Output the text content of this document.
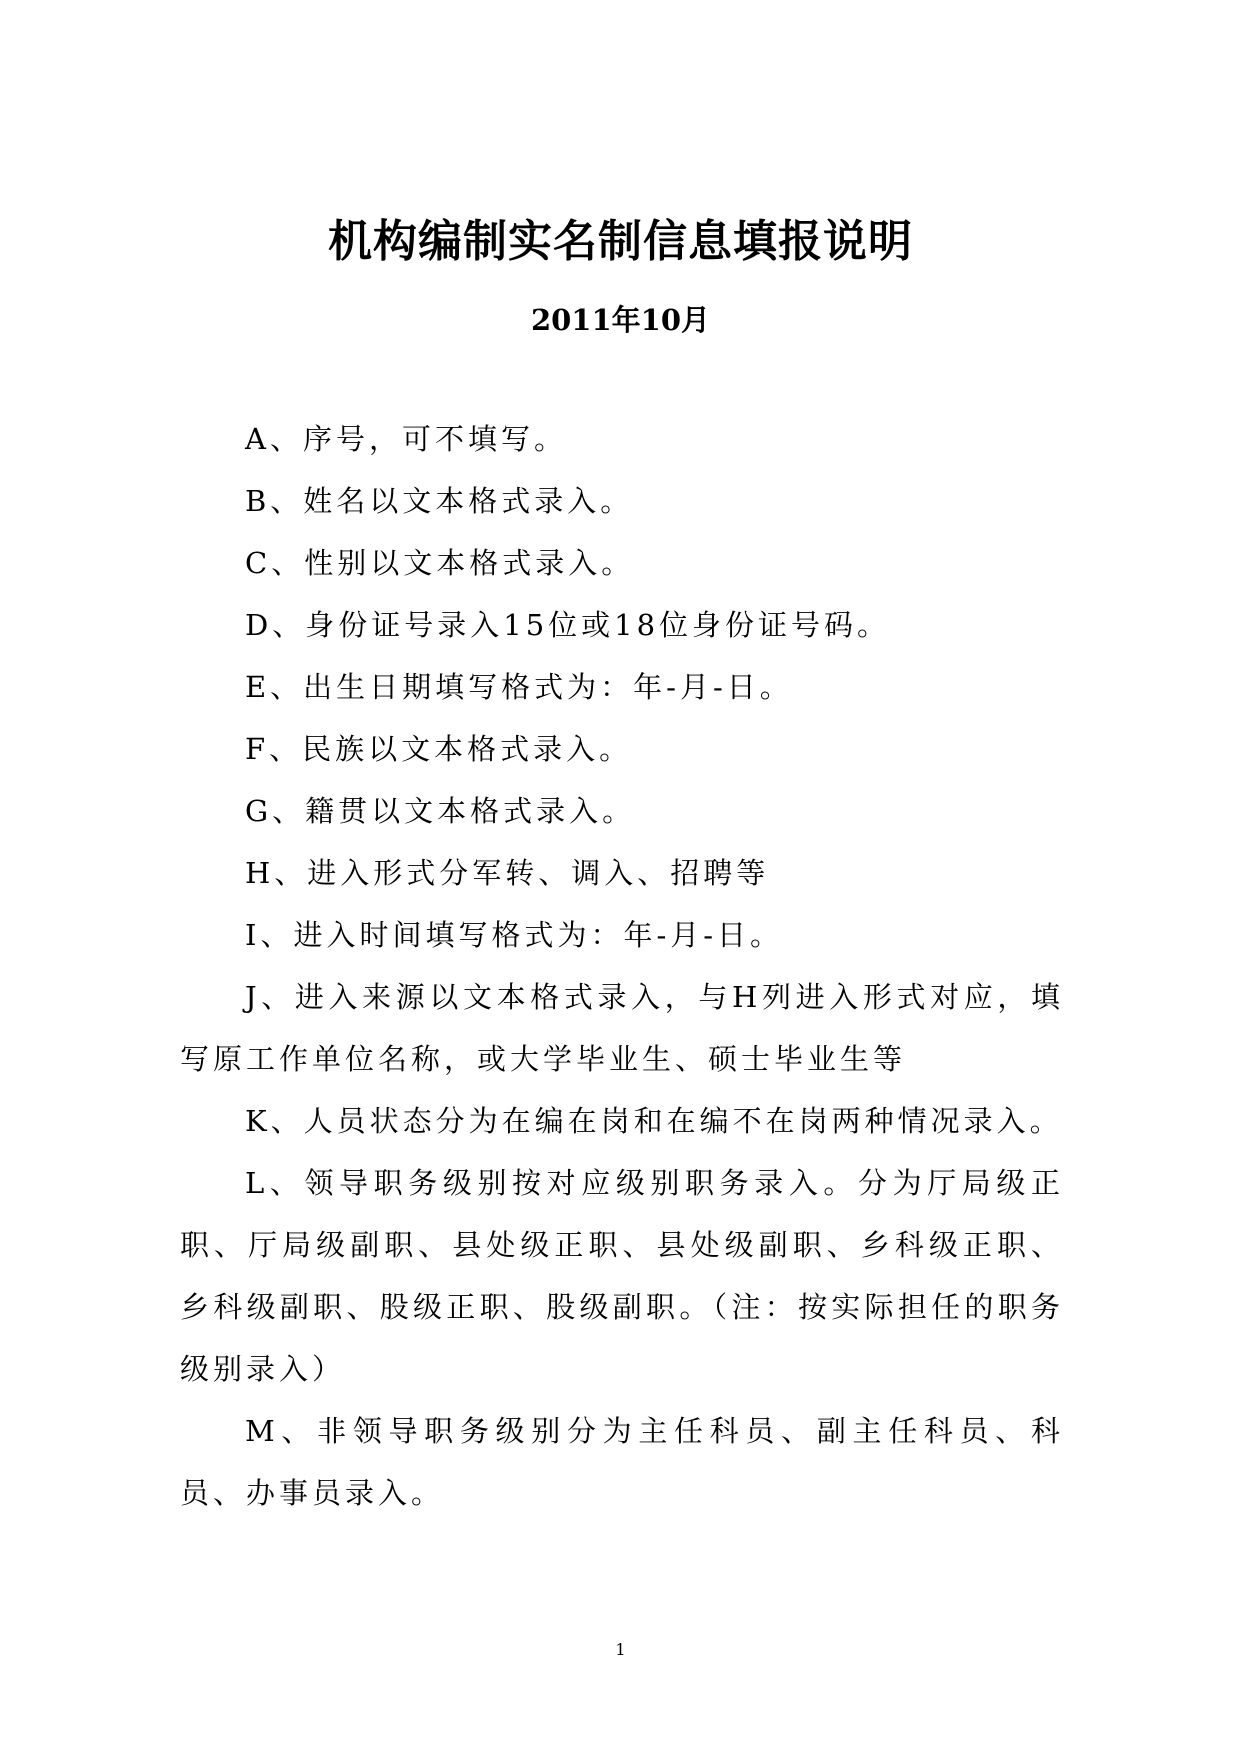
机构编制实名制信息填报说明
2011年10月

A、序号，可不填写。

B、姓名以文本格式录入。

C、性别以文本格式录入。

D、身份证号录入15位或18位身份证号码。

E、出生日期填写格式为：年-月-日。

F、民族以文本格式录入。

G、籍贯以文本格式录入。

H、进入形式分军转、调入、招聘等

I、进入时间填写格式为：年-月-日。

J、进入来源以文本格式录入，与H列进入形式对应，填写原工作单位名称，或大学毕业生、硕士毕业生等

K、人员状态分为在编在岗和在编不在岗两种情况录入。

L、领导职务级别按对应级别职务录入。分为厅局级正职、厅局级副职、县处级正职、县处级副职、乡科级正职、乡科级副职、股级正职、股级副职。（注：按实际担任的职务级别录入）

M、非领导职务级别分为主任科员、副主任科员、科员、办事员录入。

1
